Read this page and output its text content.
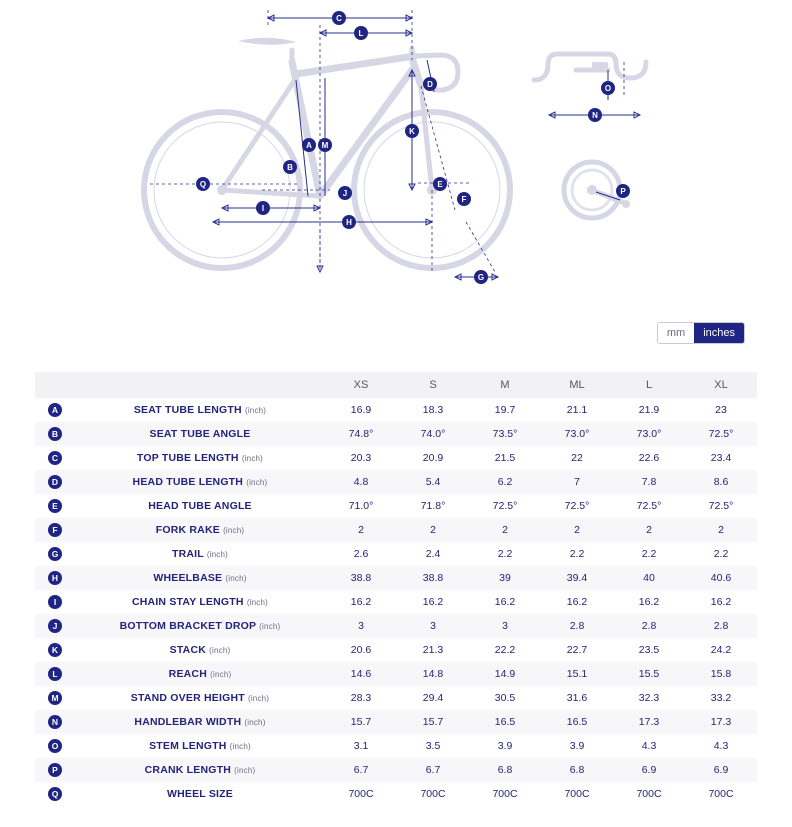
C
L
A
B
M
D
K
E
F
J
I
H
Q
G
O
N
P
mm	inches
		XS	S	M	ML	L	XL
A	SEAT TUBE LENGTH (inch)	16.9	18.3	19.7	21.1	21.9	23
B	SEAT TUBE ANGLE	74.8°	74.0°	73.5°	73.0°	73.0°	72.5°
C	TOP TUBE LENGTH (inch)	20.3	20.9	21.5	22	22.6	23.4
D	HEAD TUBE LENGTH (inch)	4.8	5.4	6.2	7	7.8	8.6
E	HEAD TUBE ANGLE	71.0°	71.8°	72.5°	72.5°	72.5°	72.5°
F	FORK RAKE (inch)	2	2	2	2	2	2
G	TRAIL (inch)	2.6	2.4	2.2	2.2	2.2	2.2
H	WHEELBASE (inch)	38.8	38.8	39	39.4	40	40.6
I	CHAIN STAY LENGTH (inch)	16.2	16.2	16.2	16.2	16.2	16.2
J	BOTTOM BRACKET DROP (inch)	3	3	3	2.8	2.8	2.8
K	STACK (inch)	20.6	21.3	22.2	22.7	23.5	24.2
L	REACH (inch)	14.6	14.8	14.9	15.1	15.5	15.8
M	STAND OVER HEIGHT (inch)	28.3	29.4	30.5	31.6	32.3	33.2
N	HANDLEBAR WIDTH (inch)	15.7	15.7	16.5	16.5	17.3	17.3
O	STEM LENGTH (inch)	3.1	3.5	3.9	3.9	4.3	4.3
P	CRANK LENGTH (inch)	6.7	6.7	6.8	6.8	6.9	6.9
Q	WHEEL SIZE	700C	700C	700C	700C	700C	700C
